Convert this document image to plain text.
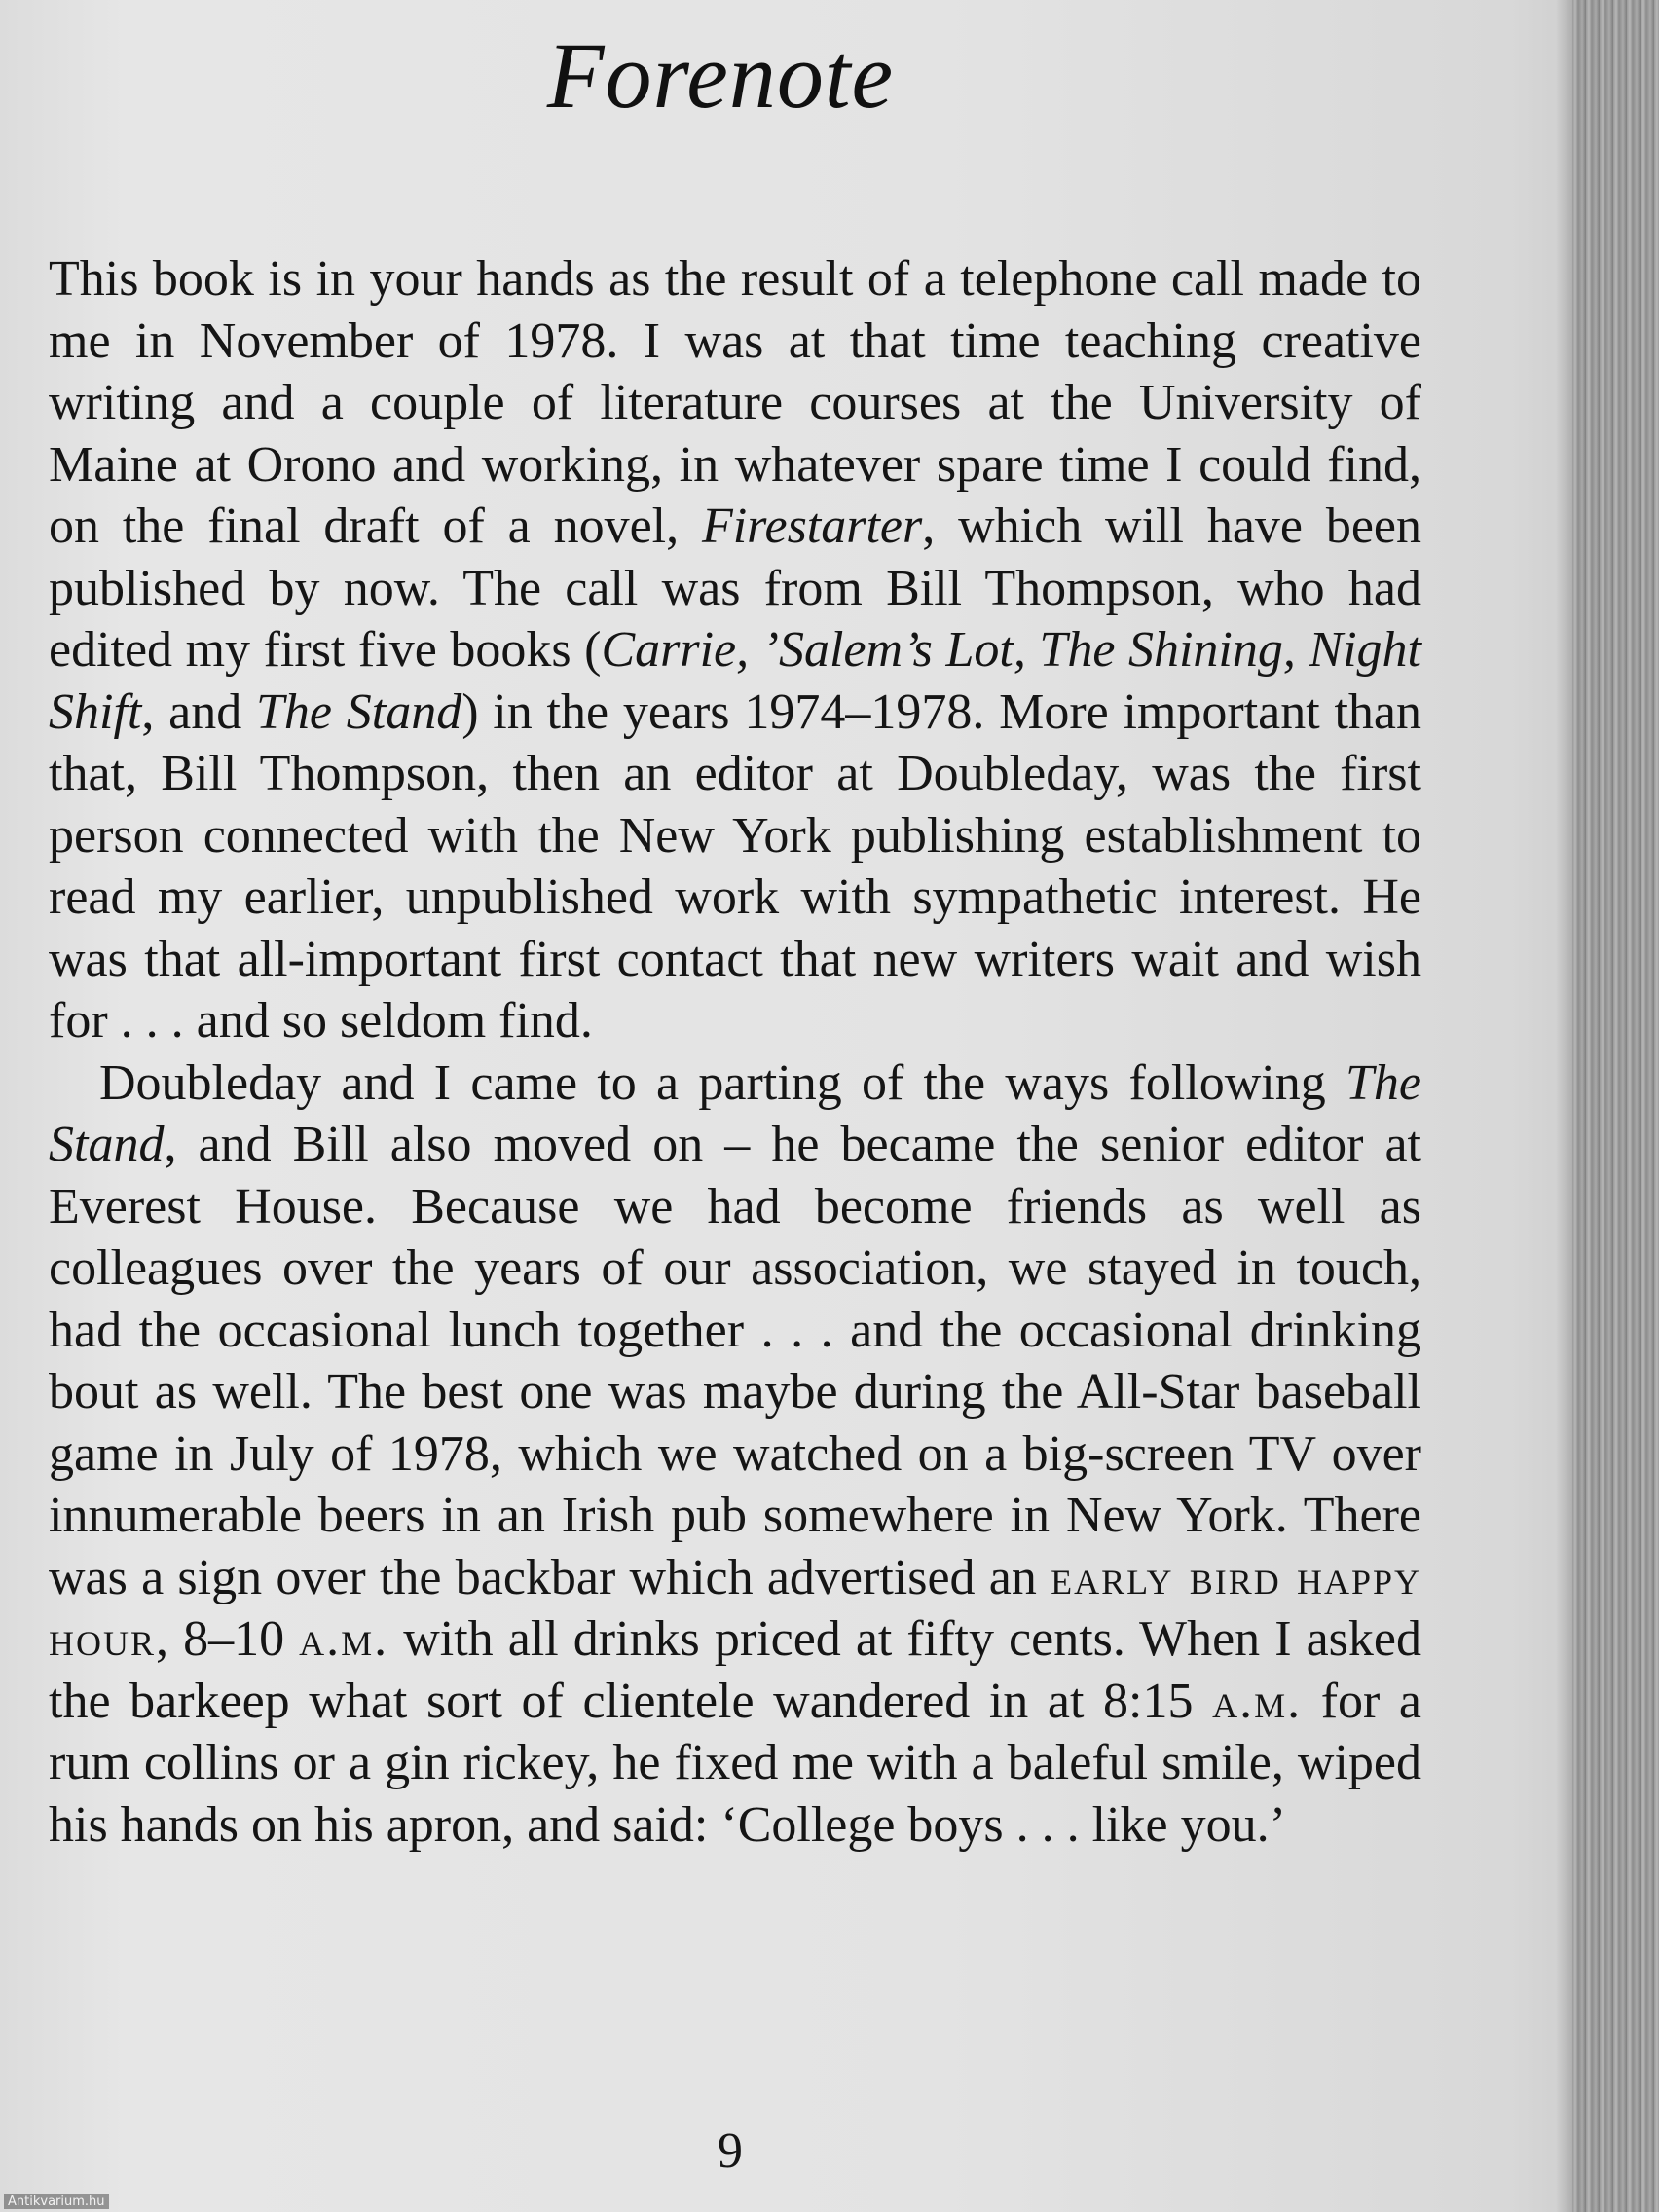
Forenote

This book is in your hands as the result of a telephone call made to me in November of 1978. I was at that time teaching creative writing and a couple of literature courses at the University of Maine at Orono and working, in whatever spare time I could find, on the final draft of a novel, Firestarter, which will have been published by now. The call was from Bill Thompson, who had edited my first five books (Carrie, ’Salem’s Lot, The Shining, Night Shift, and The Stand) in the years 1974–1978. More important than that, Bill Thompson, then an editor at Doubleday, was the first person connected with the New York publishing establishment to read my earlier, unpublished work with sympathetic interest. He was that all-important first contact that new writers wait and wish for . . . and so seldom find.

Doubleday and I came to a parting of the ways following The Stand, and Bill also moved on – he became the senior editor at Everest House. Because we had become friends as well as colleagues over the years of our association, we stayed in touch, had the occasional lunch together . . . and the occasional drinking bout as well. The best one was maybe during the All-Star baseball game in July of 1978, which we watched on a big-screen TV over innumerable beers in an Irish pub somewhere in New York. There was a sign over the backbar which advertised an early bird happy hour, 8–10 a.m. with all drinks priced at fifty cents. When I asked the barkeep what sort of clientele wandered in at 8:15 a.m. for a rum collins or a gin rickey, he fixed me with a baleful smile, wiped his hands on his apron, and said: ‘College boys . . . like you.’

9
Antikvarium.hu
